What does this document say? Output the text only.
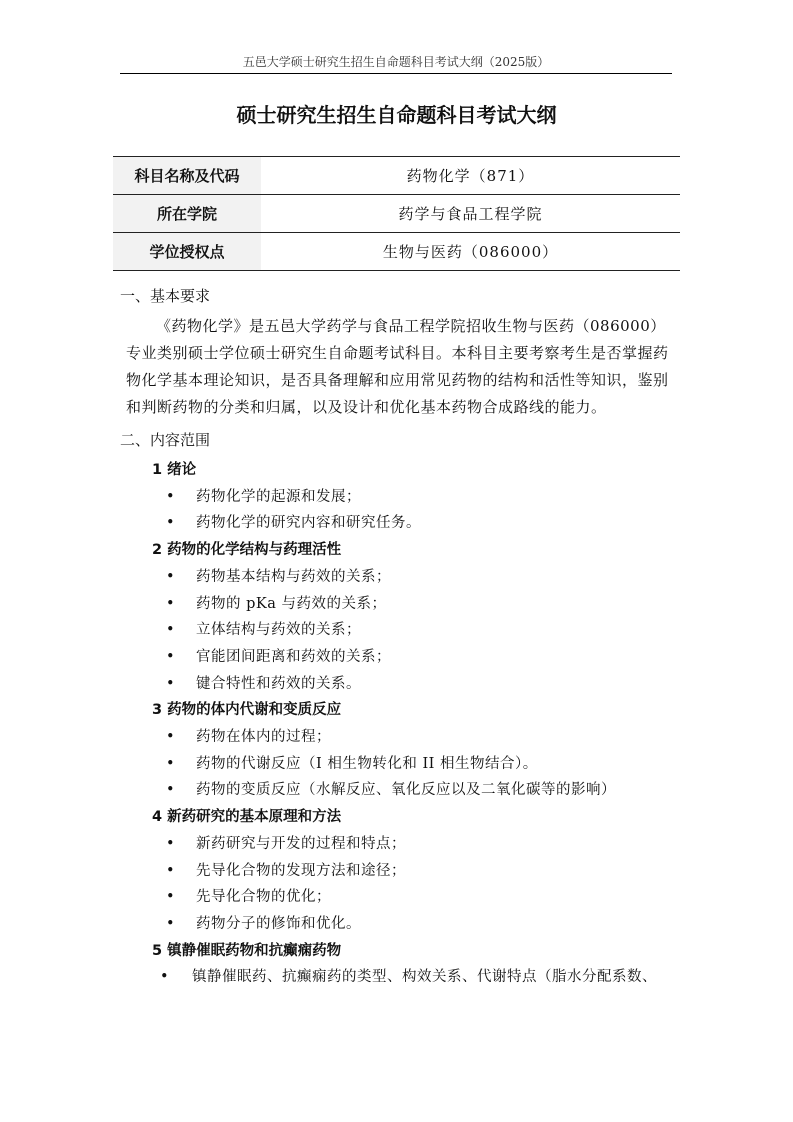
五邑大学硕士研究生招生自命题科目考试大纲（2025版）
硕士研究生招生自命题科目考试大纲
科目名称及代码	药物化学（871）
所在学院	药学与食品工程学院
学位授权点	生物与医药（086000）
一、基本要求
《药物化学》是五邑大学药学与食品工程学院招收生物与医药（086000）专业类别硕士学位硕士研究生自命题考试科目。本科目主要考察考生是否掌握药物化学基本理论知识，是否具备理解和应用常见药物的结构和活性等知识，鉴别和判断药物的分类和归属，以及设计和优化基本药物合成路线的能力。
二、内容范围
1 绪论
• 药物化学的起源和发展；
• 药物化学的研究内容和研究任务。
2 药物的化学结构与药理活性
• 药物基本结构与药效的关系；
• 药物的 pKa 与药效的关系；
• 立体结构与药效的关系；
• 官能团间距离和药效的关系；
• 键合特性和药效的关系。
3 药物的体内代谢和变质反应
• 药物在体内的过程；
• 药物的代谢反应（I 相生物转化和 II 相生物结合）。
• 药物的变质反应（水解反应、氧化反应以及二氧化碳等的影响）
4 新药研究的基本原理和方法
• 新药研究与开发的过程和特点；
• 先导化合物的发现方法和途径；
• 先导化合物的优化；
• 药物分子的修饰和优化。
5 镇静催眠药物和抗癫痫药物
• 镇静催眠药、抗癫痫药的类型、构效关系、代谢特点（脂水分配系数、
